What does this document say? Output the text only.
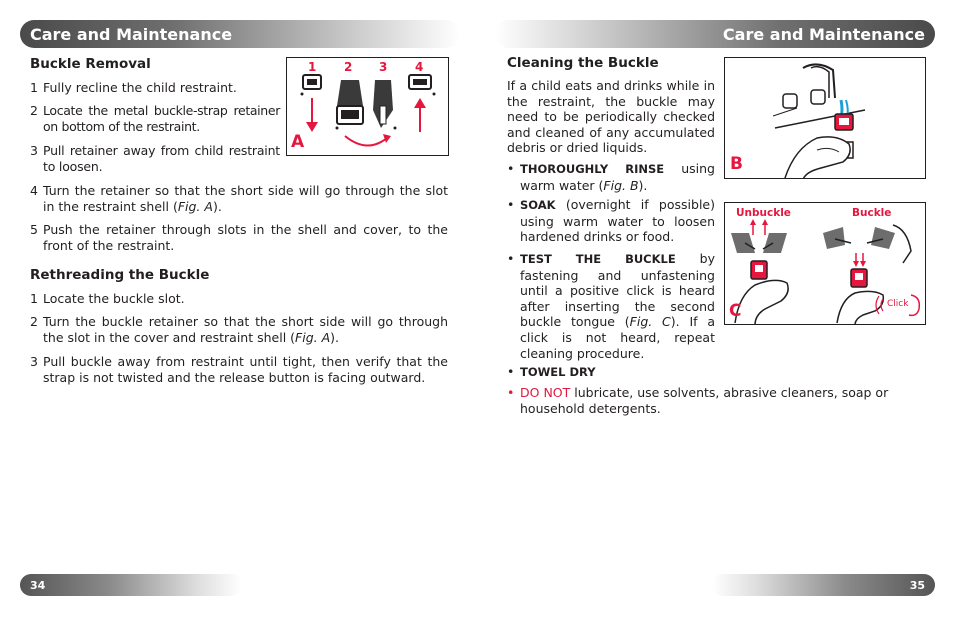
Care and Maintenance	Care and Maintenance
Buckle Removal
1 Fully recline the child restraint.
2 Locate the metal buckle-strap retainer on bottom of the restraint.
3 Pull retainer away from child restraint to loosen.
4 Turn the retainer so that the short side will go through the slot in the restraint shell (Fig. A).
5 Push the retainer through slots in the shell and cover, to the front of the restraint.
Rethreading the Buckle
1 Locate the buckle slot.
2 Turn the buckle retainer so that the short side will go through the slot in the cover and restraint shell (Fig. A).
3 Pull buckle away from restraint until tight, then verify that the strap is not twisted and the release button is facing outward.
1 2 3 4
A
Cleaning the Buckle
If a child eats and drinks while in the restraint, the buckle may need to be periodically checked and cleaned of any accumulated debris or dried liquids.
• THOROUGHLY RINSE using warm water (Fig. B).
• SOAK (overnight if possible) using warm water to loosen hardened drinks or food.
• TEST THE BUCKLE by fastening and unfastening until a positive click is heard after inserting the second buckle tongue (Fig. C). If a click is not heard, repeat cleaning procedure.
• TOWEL DRY
• DO NOT lubricate, use solvents, abrasive cleaners, soap or household detergents.
B
Unbuckle	Buckle
Click
C
34	35
